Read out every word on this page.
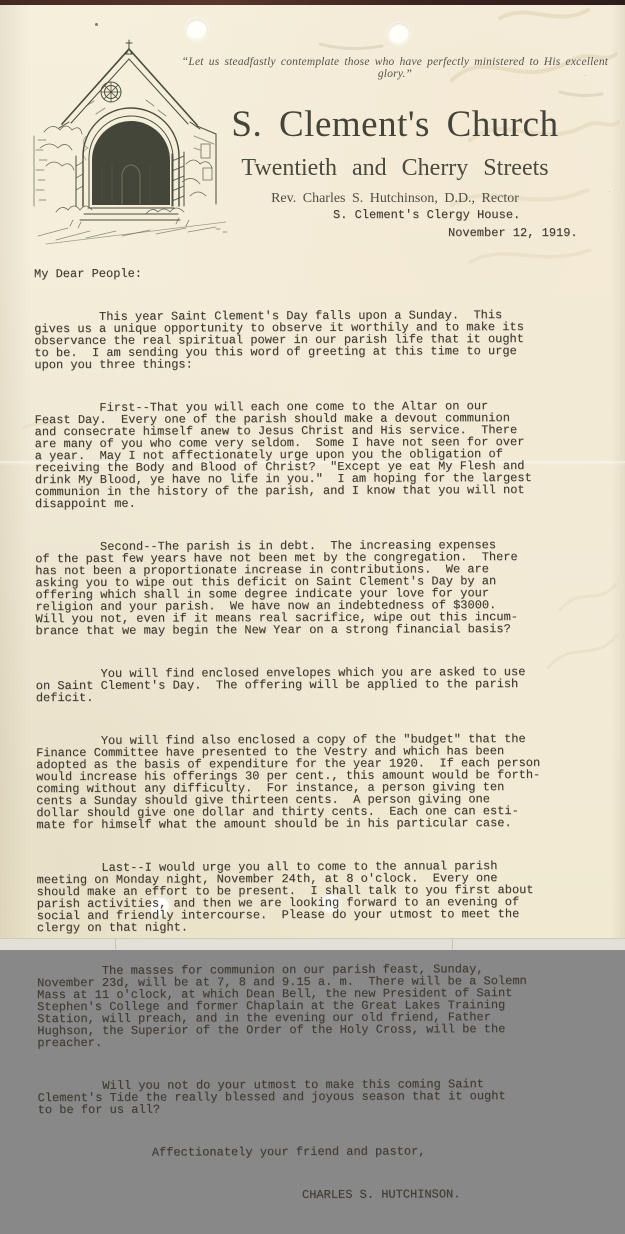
“Let us steadfastly contemplate those who have perfectly ministered to His excellent glory.”
S. Clement's Church
Twentieth and Cherry Streets
Rev. Charles S. Hutchinson, D.D., Rector
S. Clement's Clergy House.
November 12, 1919.

My Dear People:

This year Saint Clement's Day falls upon a Sunday.  This
gives us a unique opportunity to observe it worthily and to make its
observance the real spiritual power in our parish life that it ought
to be.  I am sending you this word of greeting at this time to urge
upon you three things:

First--That you will each one come to the Altar on our
Feast Day.  Every one of the parish should make a devout communion
and consecrate himself anew to Jesus Christ and His service.  There
are many of you who come very seldom.  Some I have not seen for over
a year.  May I not affectionately urge upon you the obligation of
receiving the Body and Blood of Christ?  "Except ye eat My Flesh and
drink My Blood, ye have no life in you."  I am hoping for the largest
communion in the history of the parish, and I know that you will not
disappoint me.

Second--The parish is in debt.  The increasing expenses
of the past few years have not been met by the congregation.  There
has not been a proportionate increase in contributions.  We are
asking you to wipe out this deficit on Saint Clement's Day by an
offering which shall in some degree indicate your love for your
religion and your parish.  We have now an indebtedness of $3000.
Will you not, even if it means real sacrifice, wipe out this incum-
brance that we may begin the New Year on a strong financial basis?

You will find enclosed envelopes which you are asked to use
on Saint Clement's Day.  The offering will be applied to the parish
deficit.

You will find also enclosed a copy of the "budget" that the
Finance Committee have presented to the Vestry and which has been
adopted as the basis of expenditure for the year 1920.  If each person
would increase his offerings 30 per cent., this amount would be forth-
coming without any difficulty.  For instance, a person giving ten
cents a Sunday should give thirteen cents.  A person giving one
dollar should give one dollar and thirty cents.  Each one can esti-
mate for himself what the amount should be in his particular case.

Last--I would urge you all to come to the annual parish
meeting on Monday night, November 24th, at 8 o'clock.  Every one
should make an effort to be present.  I shall talk to you first about
parish activities, and then we are looking forward to an evening of
social and friendly intercourse.  Please do your utmost to meet the
clergy on that night.

The masses for communion on our parish feast, Sunday,
November 23d, will be at 7, 8 and 9.15 a. m.  There will be a Solemn
Mass at 11 o'clock, at which Dean Bell, the new President of Saint
Stephen's College and former Chaplain at the Great Lakes Training
Station, will preach, and in the evening our old friend, Father
Hughson, the Superior of the Order of the Holy Cross, will be the
preacher.

Will you not do your utmost to make this coming Saint
Clement's Tide the really blessed and joyous season that it ought
to be for us all?

Affectionately your friend and pastor,

CHARLES S. HUTCHINSON.
